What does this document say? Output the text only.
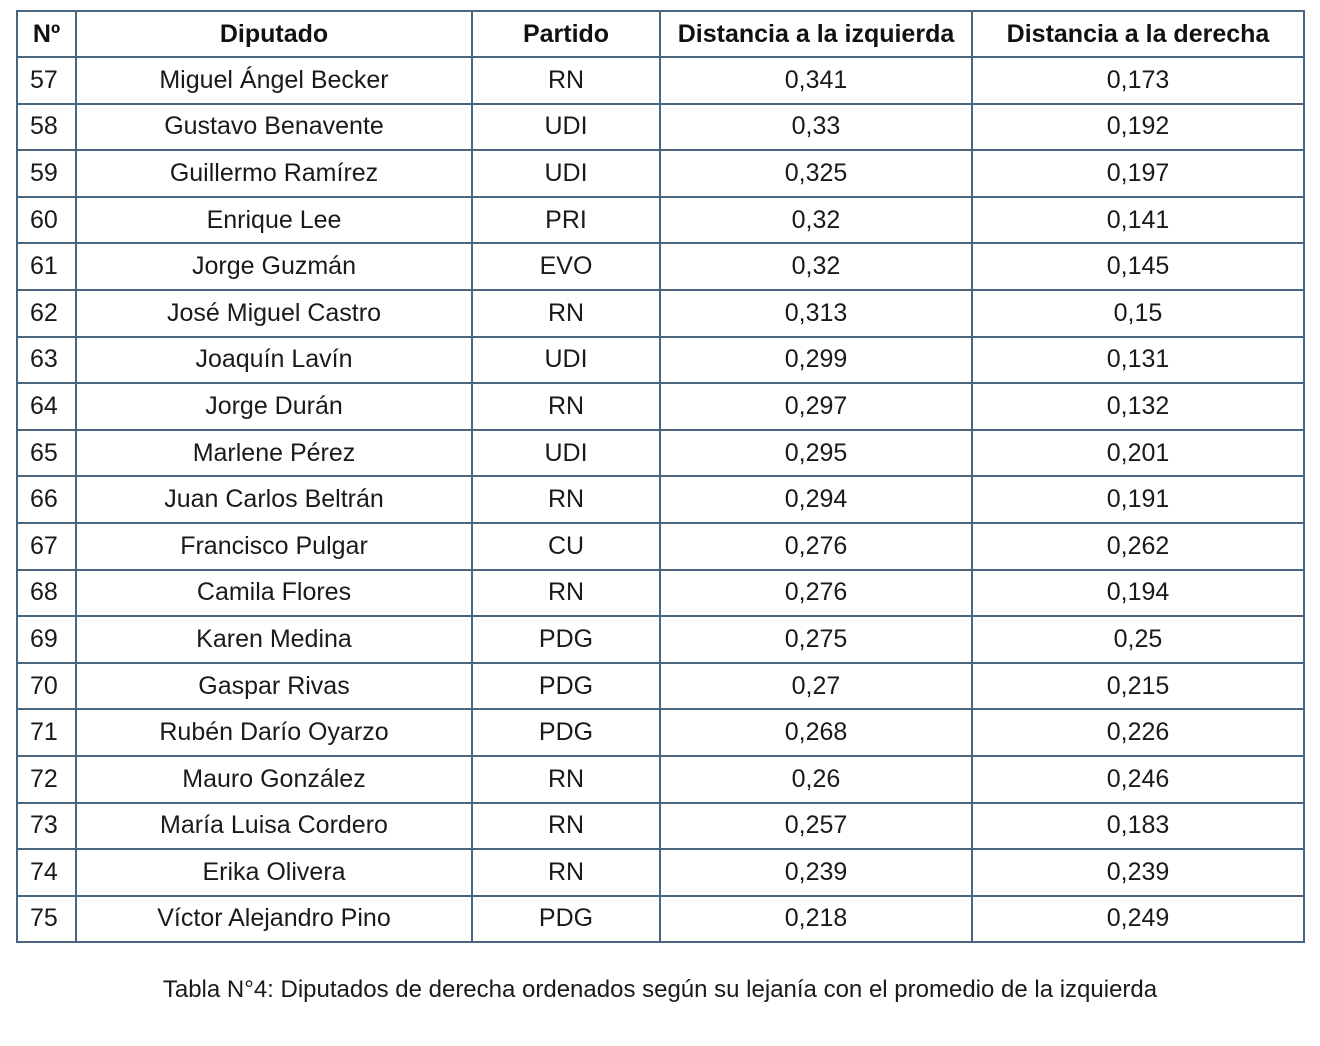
Nº	Diputado	Partido	Distancia a la izquierda	Distancia a la derecha
57	Miguel Ángel Becker	RN	0,341	0,173
58	Gustavo Benavente	UDI	0,33	0,192
59	Guillermo Ramírez	UDI	0,325	0,197
60	Enrique Lee	PRI	0,32	0,141
61	Jorge Guzmán	EVO	0,32	0,145
62	José Miguel Castro	RN	0,313	0,15
63	Joaquín Lavín	UDI	0,299	0,131
64	Jorge Durán	RN	0,297	0,132
65	Marlene Pérez	UDI	0,295	0,201
66	Juan Carlos Beltrán	RN	0,294	0,191
67	Francisco Pulgar	CU	0,276	0,262
68	Camila Flores	RN	0,276	0,194
69	Karen Medina	PDG	0,275	0,25
70	Gaspar Rivas	PDG	0,27	0,215
71	Rubén Darío Oyarzo	PDG	0,268	0,226
72	Mauro González	RN	0,26	0,246
73	María Luisa Cordero	RN	0,257	0,183
74	Erika Olivera	RN	0,239	0,239
75	Víctor Alejandro Pino	PDG	0,218	0,249
Tabla N°4: Diputados de derecha ordenados según su lejanía con el promedio de la izquierda
